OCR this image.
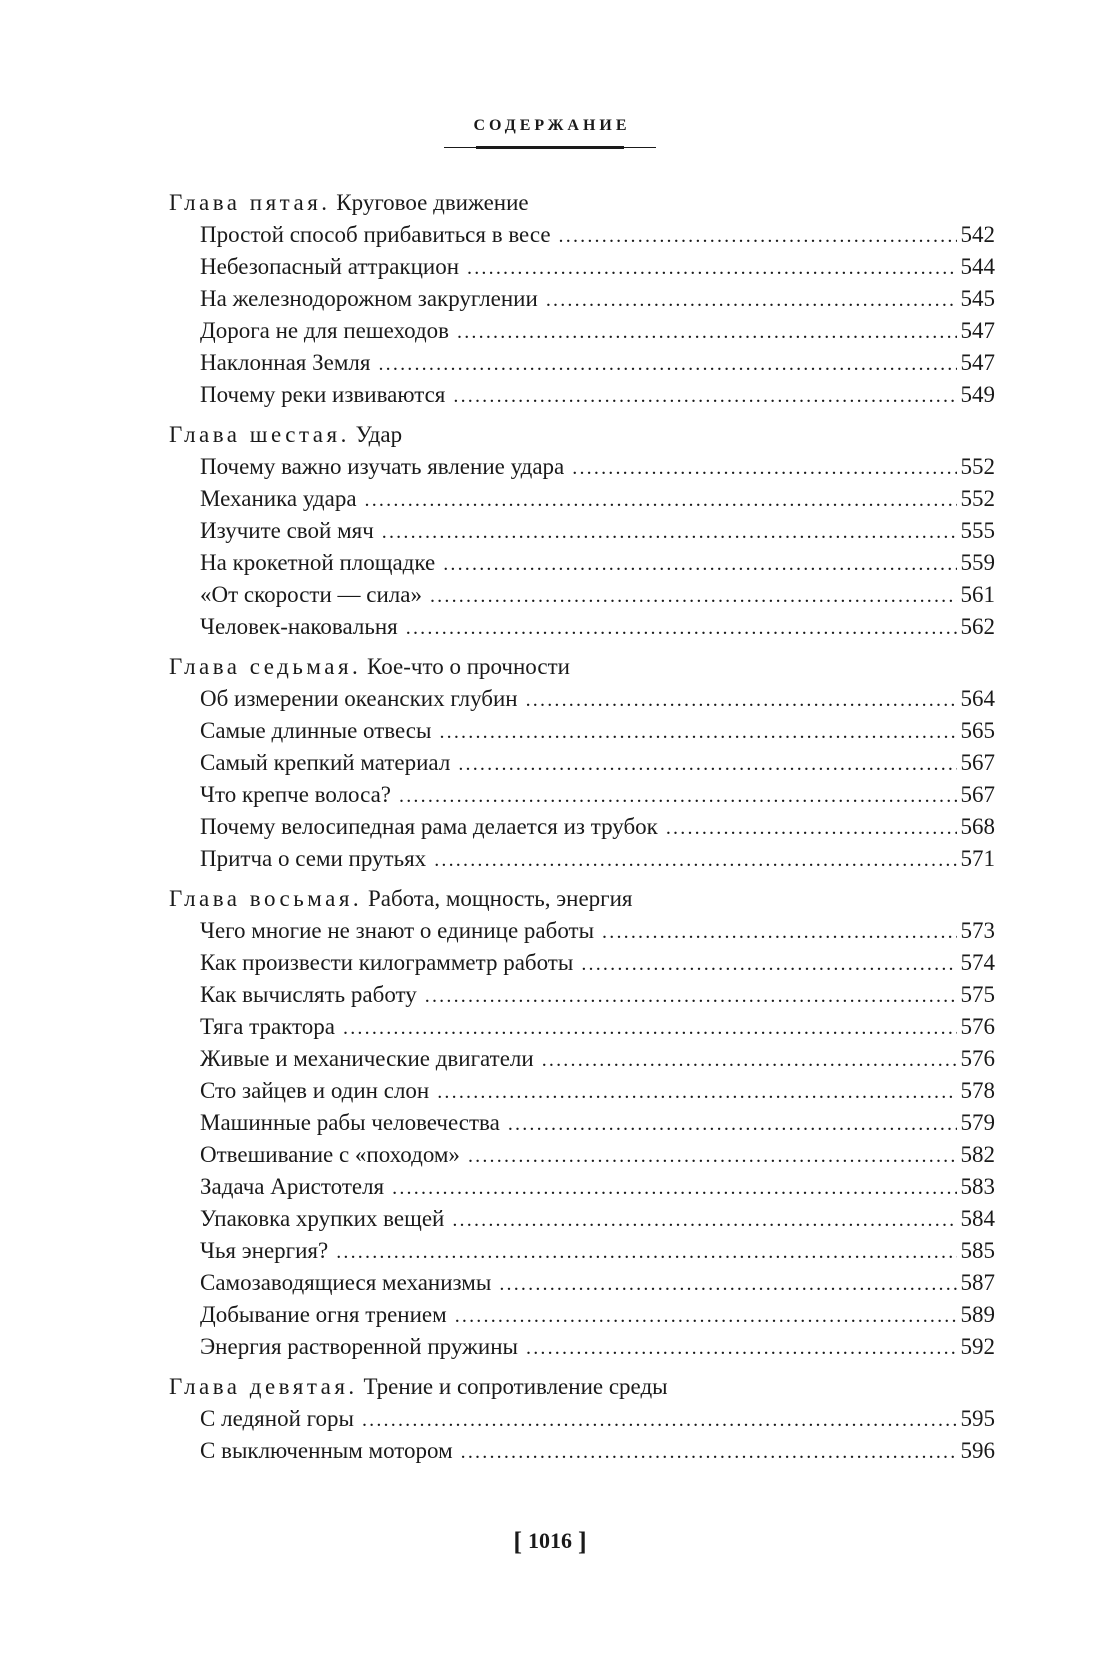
СОДЕРЖАНИЕ
Глава пятая. Круговое движение
Простой способ прибавиться в весе . . .	542
Небезопасный аттракцион . . .	544
На железнодорожном закруглении . . .	545
Дорога не для пешеходов . . .	547
Наклонная Земля . . .	547
Почему реки извиваются . . .	549
Глава шестая. Удар
Почему важно изучать явление удара . . .	552
Механика удара . . .	552
Изучите свой мяч . . .	555
На крокетной площадке . . .	559
«От скорости — сила» . . .	561
Человек-наковальня . . .	562
Глава седьмая. Кое-что о прочности
Об измерении океанских глубин . . .	564
Самые длинные отвесы . . .	565
Самый крепкий материал . . .	567
Что крепче волоса? . . .	567
Почему велосипедная рама делается из трубок . . .	568
Притча о семи прутьях . . .	571
Глава восьмая. Работа, мощность, энергия
Чего многие не знают о единице работы . . .	573
Как произвести килограмметр работы . . .	574
Как вычислять работу . . .	575
Тяга трактора . . .	576
Живые и механические двигатели . . .	576
Сто зайцев и один слон . . .	578
Машинные рабы человечества . . .	579
Отвешивание с «походом» . . .	582
Задача Аристотеля . . .	583
Упаковка хрупких вещей . . .	584
Чья энергия? . . .	585
Самозаводящиеся механизмы . . .	587
Добывание огня трением . . .	589
Энергия растворенной пружины . . .	592
Глава девятая. Трение и сопротивление среды
С ледяной горы . . .	595
С выключенным мотором . . .	596
[ 1016 ]
